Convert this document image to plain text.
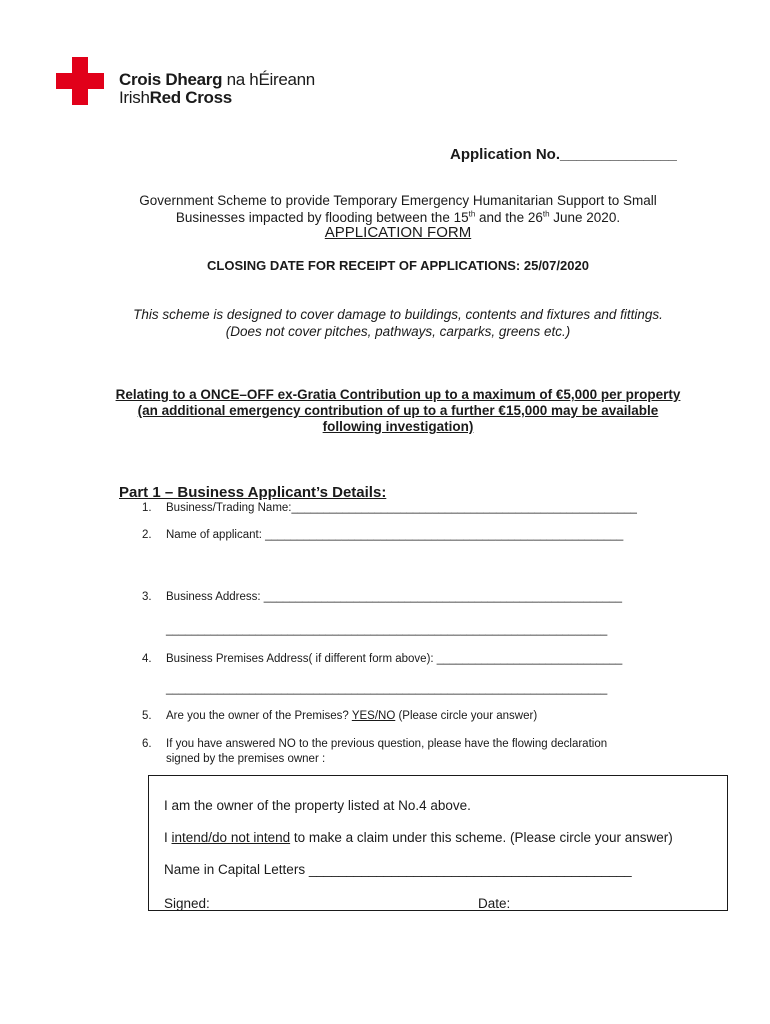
Crois Dhearg na hÉireann
IrishRed Cross
Application No.______________
Government Scheme to provide Temporary Emergency Humanitarian Support to Small
Businesses impacted by flooding between the 15th and the 26th June 2020.
APPLICATION FORM
CLOSING DATE FOR RECEIPT OF APPLICATIONS: 25/07/2020
This scheme is designed to cover damage to buildings, contents and fixtures and fittings. (Does not cover pitches, pathways, carparks, greens etc.)
Relating to a ONCE–OFF ex-Gratia Contribution up to a maximum of €5,000 per property (an additional emergency contribution of up to a further €15,000 may be available following investigation)
Part 1 – Business Applicant’s Details:
1. Business/Trading Name:______________________________________________________
2. Name of applicant: ________________________________________________________
3. Business Address: ________________________________________________________
_____________________________________________________________________
4. Business Premises Address( if different form above): _____________________________
_____________________________________________________________________
5. Are you the owner of the Premises? YES/NO (Please circle your answer)
6. If you have answered NO to the previous question, please have the flowing declaration
signed by the premises owner :
I am the owner of the property listed at No.4 above.
I intend/do not intend to make a claim under this scheme. (Please circle your answer)
Name in Capital Letters ___________________________________________
Signed:	Date:
